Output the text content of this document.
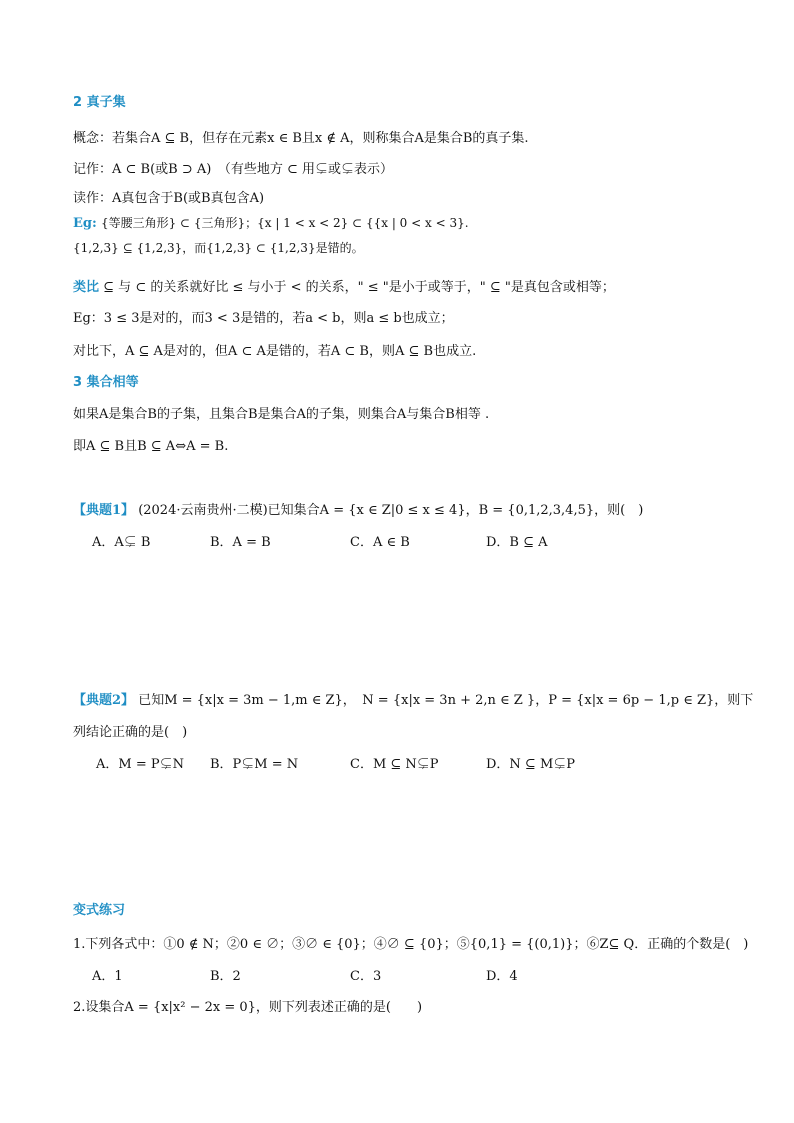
2 真子集
概念：若集合A ⊆ B，但存在元素x ∈ B且x ∉ A，则称集合A是集合B的真子集.
记作：A ⊂ B(或B ⊃ A)　（有些地方 ⊂ 用⊊或⊊表示）
读作：A真包含于B(或B真包含A)
Eg: {等腰三角形} ⊂ {三角形}；{x | 1 < x < 2} ⊂ {{x | 0 < x < 3}.
{1,2,3} ⊆ {1,2,3}，而{1,2,3} ⊂ {1,2,3}是错的。
类比 ⊆ 与 ⊂ 的关系就好比 ≤ 与小于 < 的关系，" ≤ "是小于或等于，" ⊆ "是真包含或相等；
Eg：3 ≤ 3是对的，而3 < 3是错的，若a < b，则a ≤ b也成立；
对比下，A ⊆ A是对的，但A ⊂ A是错的，若A ⊂ B，则A ⊆ B也成立.
3 集合相等
如果A是集合B的子集，且集合B是集合A的子集，则集合A与集合B相等 .
即A ⊆ B且B ⊆ A⇔A = B.
【典题1】 (2024·云南贵州·二模)已知集合A = {x ∈ Z|0 ≤ x ≤ 4}，B = {0,1,2,3,4,5}，则(　)
A．A⊊ B	B．A = B	C．A ∈ B	D．B ⊆ A
【典题2】 已知M = {x|x = 3m − 1,m ∈ Z}，　N = {x|x = 3n + 2,n ∈ Z }，P = {x|x = 6p − 1,p ∈ Z}，则下
列结论正确的是(　)
A．M = P⊊N B．P⊊M = N	C．M ⊆ N⊊P	D．N ⊆ M⊊P
变式练习
1.下列各式中：①0 ∉ N；②0 ∈ ∅；③∅ ∈ {0}；④∅ ⊆ {0}；⑤{0,1} = {(0,1)}；⑥Z⊆ Q．正确的个数是(　)
A．1	B．2	C．3	D．4
2.设集合A = {x|x² − 2x = 0}，则下列表述正确的是(　　)
